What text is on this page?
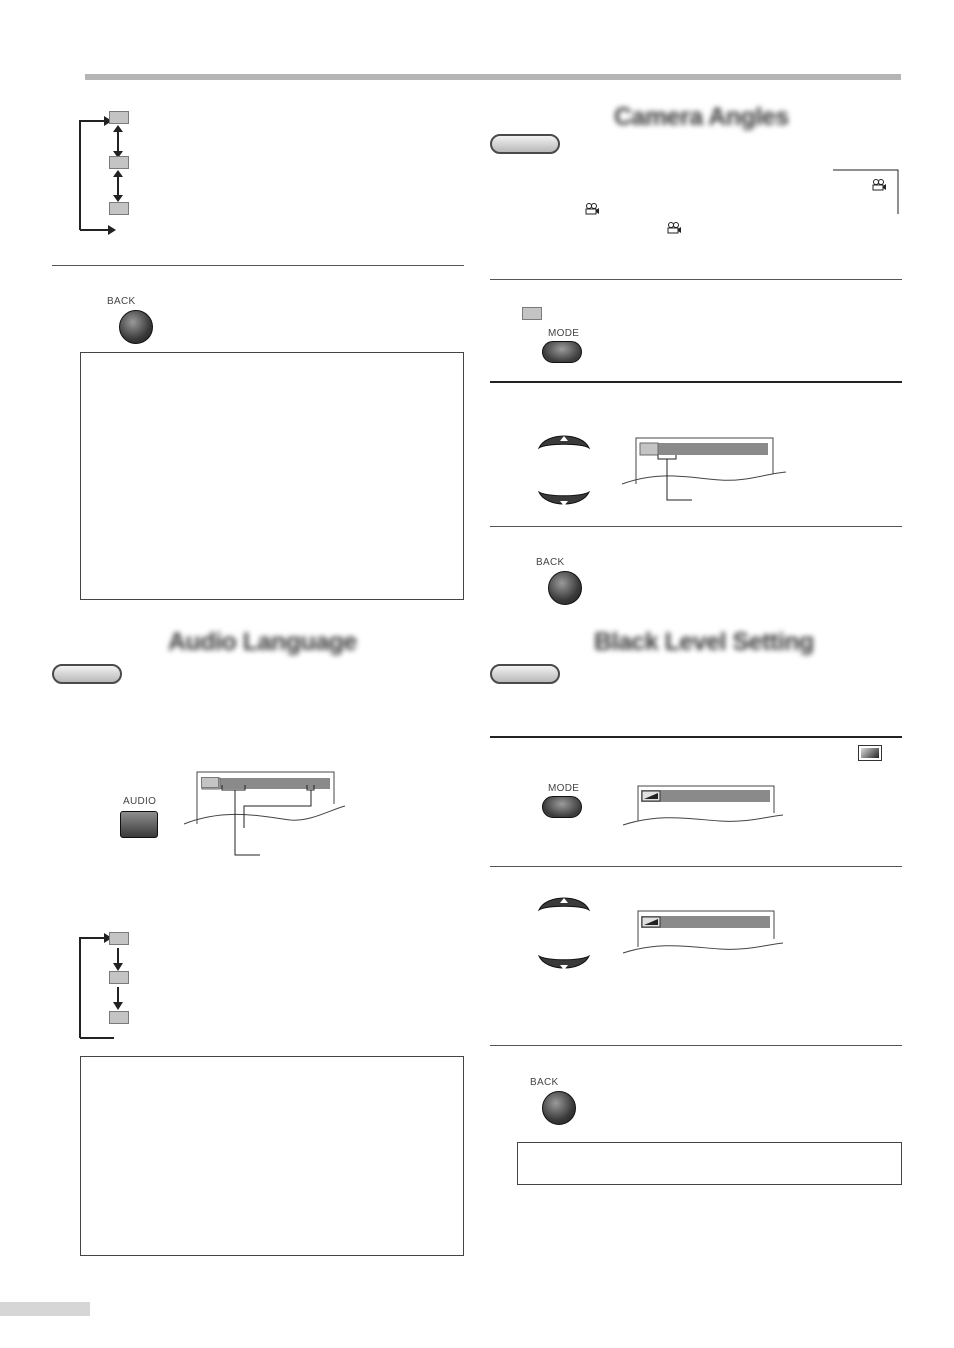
BACK
Audio Language
AUDIO
Camera Angles
MODE
BACK
Black Level Setting
MODE
BACK
